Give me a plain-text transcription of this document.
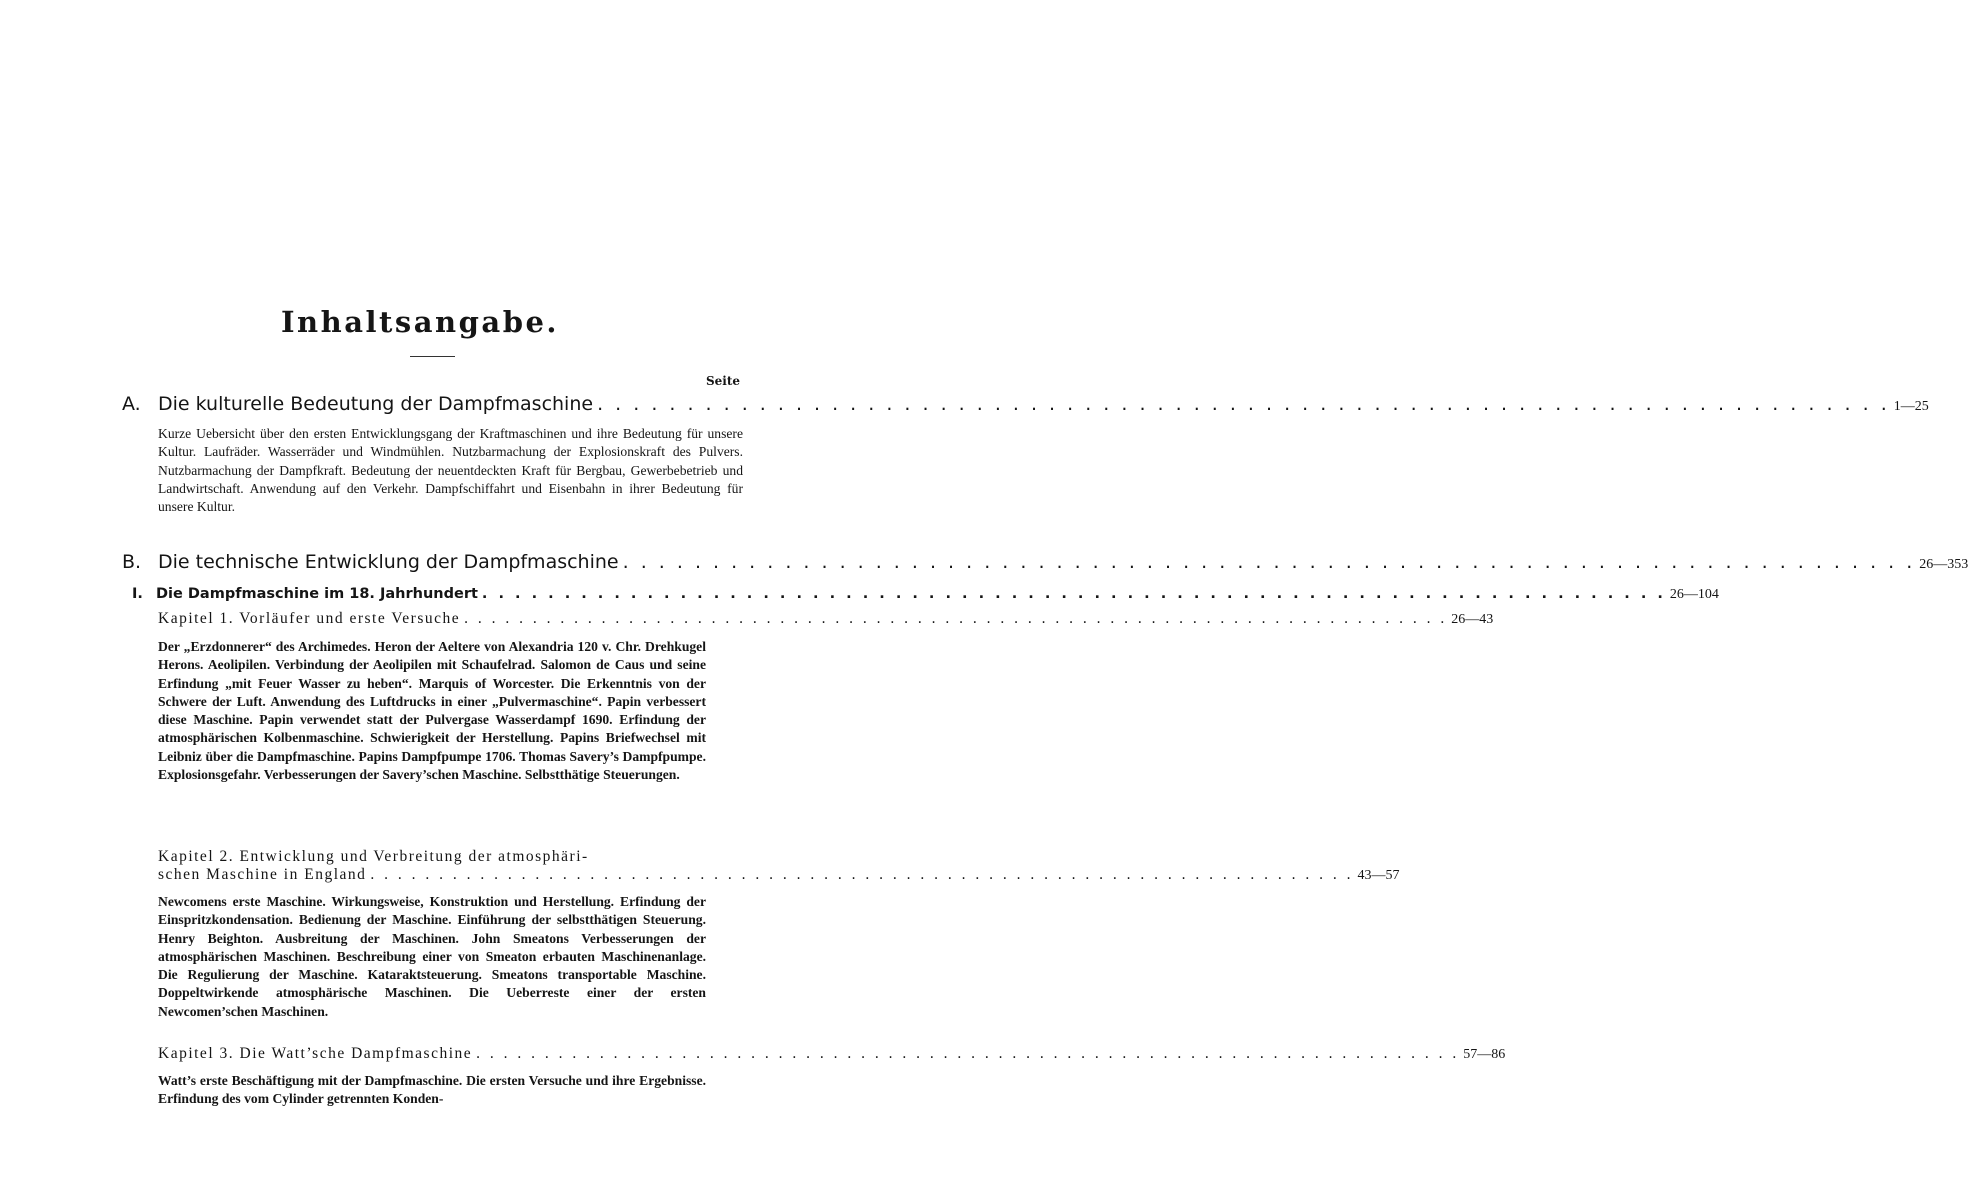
Inhaltsangabe.
Seite
A. Die kulturelle Bedeutung der Dampfmaschine . . . . . . . . . . . . . . . . . . . . . . . . . . . . . . . . . . . . . . . . . . . . . . . . . . . . . . . . . . . . . . . . . . . . . . . . 1—25
Kurze Uebersicht über den ersten Entwicklungsgang der Kraftmaschinen und ihre Bedeutung für unsere Kultur. Laufräder. Wasserräder und Windmühlen. Nutzbarmachung der Explosionskraft des Pulvers. Nutzbarmachung der Dampfkraft. Bedeutung der neuentdeckten Kraft für Bergbau, Gewerbebetrieb und Landwirtschaft. Anwendung auf den Verkehr. Dampfschiffahrt und Eisenbahn in ihrer Bedeutung für unsere Kultur.
B. Die technische Entwicklung der Dampfmaschine . . . . . . . . . . . . . . . . . . . . . . . . . . . . . . . . . . . . . . . . . . . . . . . . . . . . . . . . . . . . . . . . . . . . . . . . 26—353
I. Die Dampfmaschine im 18. Jahrhundert . . . . . . . . . . . . . . . . . . . . . . . . . . . . . . . . . . . . . . . . . . . . . . . . . . . . . . . . . . . . . . . . . . . . . . . . 26—104
Kapitel 1. Vorläufer und erste Versuche . . . . . . . . . . . . . . . . . . . . . . . . . . . . . . . . . . . . . . . . . . . . . . . . . . . . . . . . . . . . . . . . . . . . . . . . 26—43
Der „Erzdonnerer“ des Archimedes. Heron der Aeltere von Alexandria 120 v. Chr. Drehkugel Herons. Aeolipilen. Verbindung der Aeolipilen mit Schaufelrad. Salomon de Caus und seine Erfindung „mit Feuer Wasser zu heben“. Marquis of Worcester. Die Erkenntnis von der Schwere der Luft. Anwendung des Luftdrucks in einer „Pulvermaschine“. Papin verbessert diese Maschine. Papin verwendet statt der Pulvergase Wasserdampf 1690. Erfindung der atmosphärischen Kolbenmaschine. Schwierigkeit der Herstellung. Papins Briefwechsel mit Leibniz über die Dampfmaschine. Papins Dampfpumpe 1706. Thomas Savery’s Dampfpumpe. Explosionsgefahr. Verbesserungen der Savery’schen Maschine. Selbstthätige Steuerungen.
Kapitel 2. Entwicklung und Verbreitung der atmosphäri-
schen Maschine in England . . . . . . . . . . . . . . . . . . . . . . . . . . . . . . . . . . . . . . . . . . . . . . . . . . . . . . . . . . . . . . . . . . . . . . . . 43—57
Newcomens erste Maschine. Wirkungsweise, Konstruktion und Herstellung. Erfindung der Einspritzkondensation. Bedienung der Maschine. Einführung der selbstthätigen Steuerung. Henry Beighton. Ausbreitung der Maschinen. John Smeatons Verbesserungen der atmosphärischen Maschinen. Beschreibung einer von Smeaton erbauten Maschinenanlage. Die Regulierung der Maschine. Kataraktsteuerung. Smeatons transportable Maschine. Doppeltwirkende atmosphärische Maschinen. Die Ueberreste einer der ersten Newcomen’schen Maschinen.
Kapitel 3. Die Watt’sche Dampfmaschine . . . . . . . . . . . . . . . . . . . . . . . . . . . . . . . . . . . . . . . . . . . . . . . . . . . . . . . . . . . . . . . . . . . . . . . . 57—86
Watt’s erste Beschäftigung mit der Dampfmaschine. Die ersten Versuche und ihre Ergebnisse. Erfindung des vom Cylinder getrennten Konden-
